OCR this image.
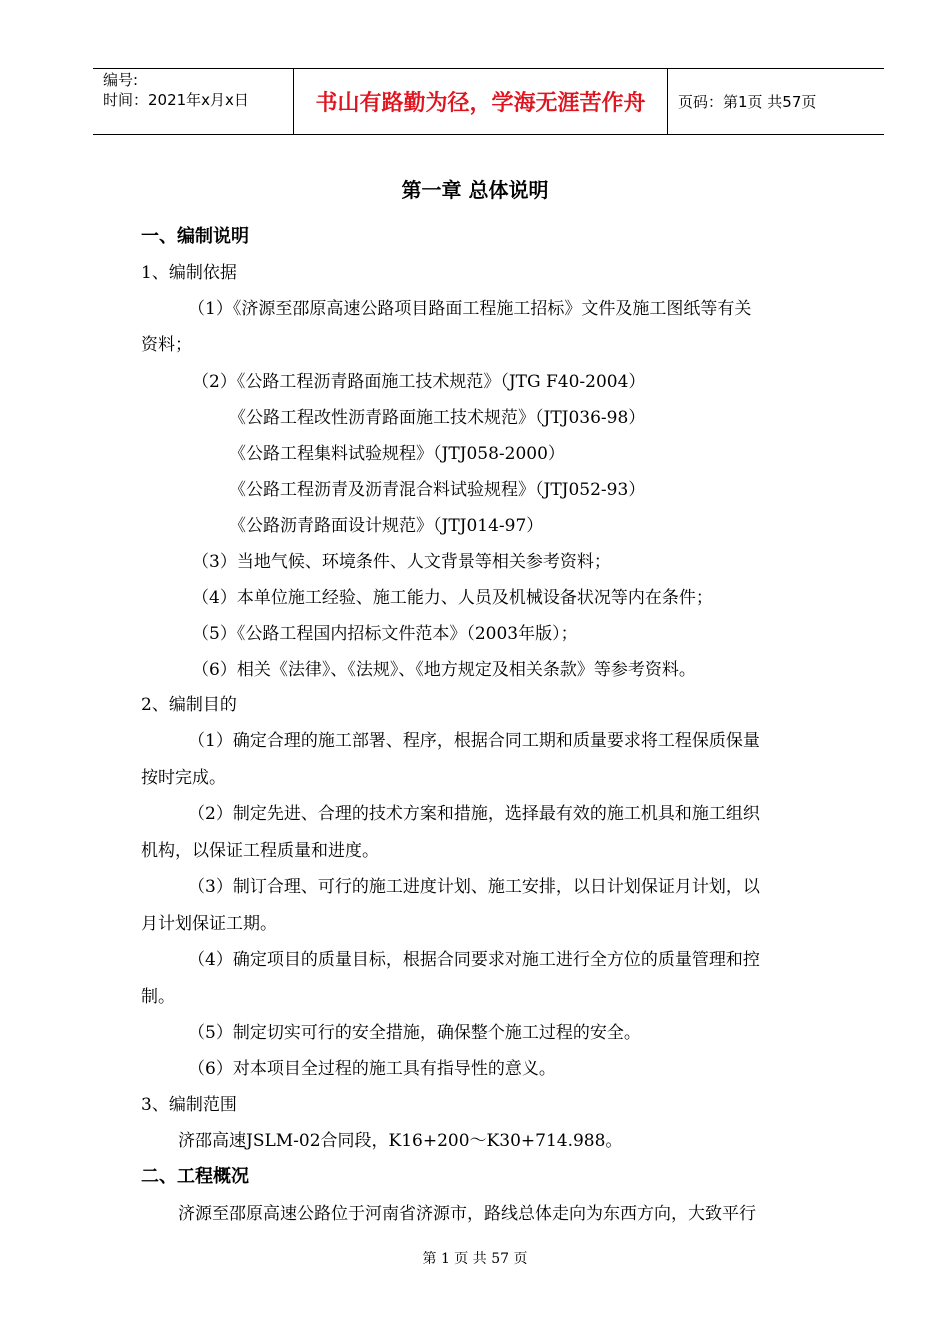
编号:
时间：2021年x月x日	书山有路勤为径，学海无涯苦作舟	页码：第1页 共57页
第一章 总体说明
一、编制说明
1、编制依据
（1）《济源至邵原高速公路项目路面工程施工招标》文件及施工图纸等有关
资料；
（2）《公路工程沥青路面施工技术规范》（JTG F40-2004）
《公路工程改性沥青路面施工技术规范》（JTJ036-98）
《公路工程集料试验规程》（JTJ058-2000）
《公路工程沥青及沥青混合料试验规程》（JTJ052-93）
《公路沥青路面设计规范》（JTJ014-97）
（3）当地气候、环境条件、人文背景等相关参考资料；
（4）本单位施工经验、施工能力、人员及机械设备状况等内在条件；
（5）《公路工程国内招标文件范本》（2003年版）；
（6）相关《法律》、《法规》、《地方规定及相关条款》等参考资料。
2、编制目的
（1）确定合理的施工部署、程序，根据合同工期和质量要求将工程保质保量
按时完成。
（2）制定先进、合理的技术方案和措施，选择最有效的施工机具和施工组织
机构，以保证工程质量和进度。
（3）制订合理、可行的施工进度计划、施工安排，以日计划保证月计划，以
月计划保证工期。
（4）确定项目的质量目标，根据合同要求对施工进行全方位的质量管理和控
制。
（5）制定切实可行的安全措施，确保整个施工过程的安全。
（6）对本项目全过程的施工具有指导性的意义。
3、编制范围
济邵高速JSLM-02合同段，K16+200～K30+714.988。
二、工程概况
济源至邵原高速公路位于河南省济源市，路线总体走向为东西方向，大致平行
第 1 页 共 57 页
